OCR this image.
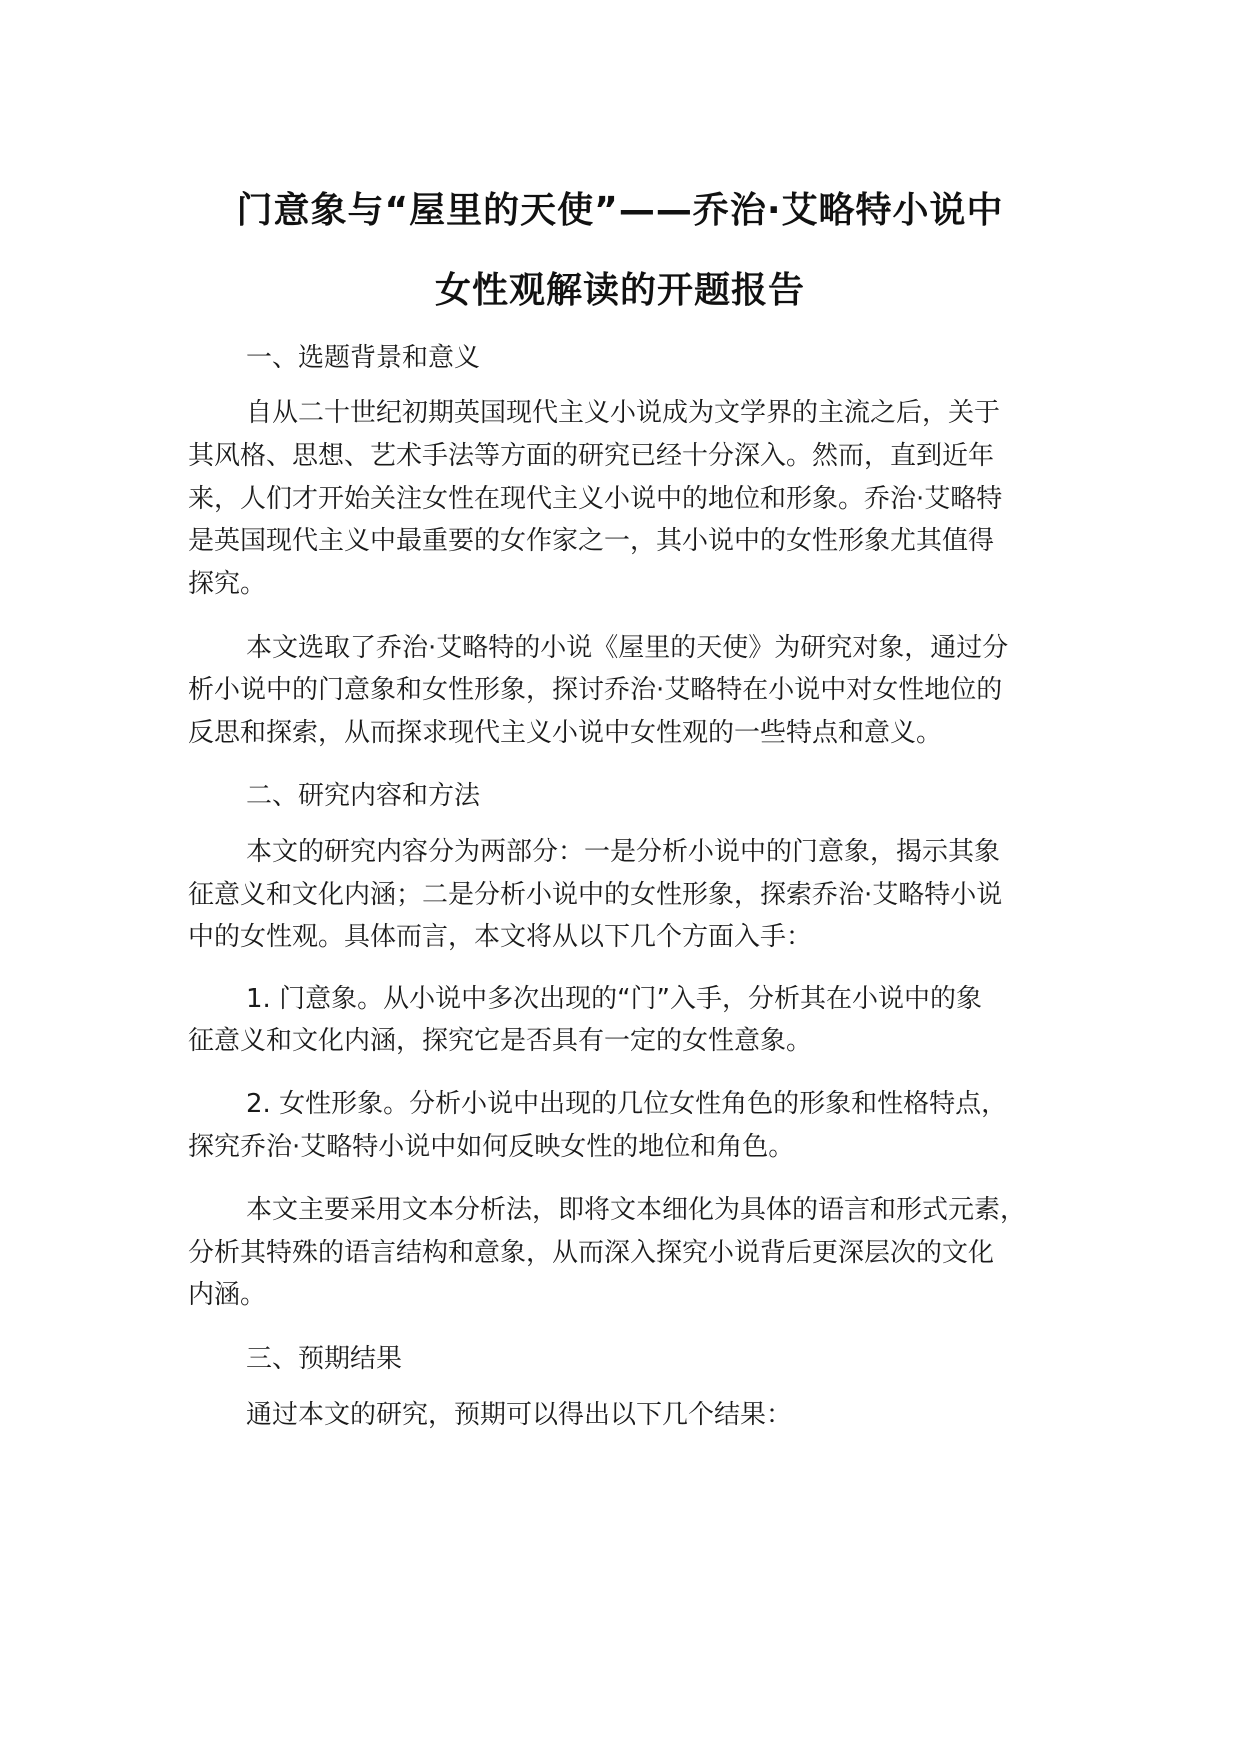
门意象与“屋里的天使”——乔治·艾略特小说中
女性观解读的开题报告
一、选题背景和意义
自从二十世纪初期英国现代主义小说成为文学界的主流之后，关于
其风格、思想、艺术手法等方面的研究已经十分深入。然而，直到近年
来，人们才开始关注女性在现代主义小说中的地位和形象。乔治·艾略特
是英国现代主义中最重要的女作家之一，其小说中的女性形象尤其值得
探究。
本文选取了乔治·艾略特的小说《屋里的天使》为研究对象，通过分
析小说中的门意象和女性形象，探讨乔治·艾略特在小说中对女性地位的
反思和探索，从而探求现代主义小说中女性观的一些特点和意义。
二、研究内容和方法
本文的研究内容分为两部分：一是分析小说中的门意象，揭示其象
征意义和文化内涵；二是分析小说中的女性形象，探索乔治·艾略特小说
中的女性观。具体而言，本文将从以下几个方面入手：
1. 门意象。从小说中多次出现的“门”入手，分析其在小说中的象
征意义和文化内涵，探究它是否具有一定的女性意象。
2. 女性形象。分析小说中出现的几位女性角色的形象和性格特点，
探究乔治·艾略特小说中如何反映女性的地位和角色。
本文主要采用文本分析法，即将文本细化为具体的语言和形式元素，
分析其特殊的语言结构和意象，从而深入探究小说背后更深层次的文化
内涵。
三、预期结果
通过本文的研究，预期可以得出以下几个结果：
